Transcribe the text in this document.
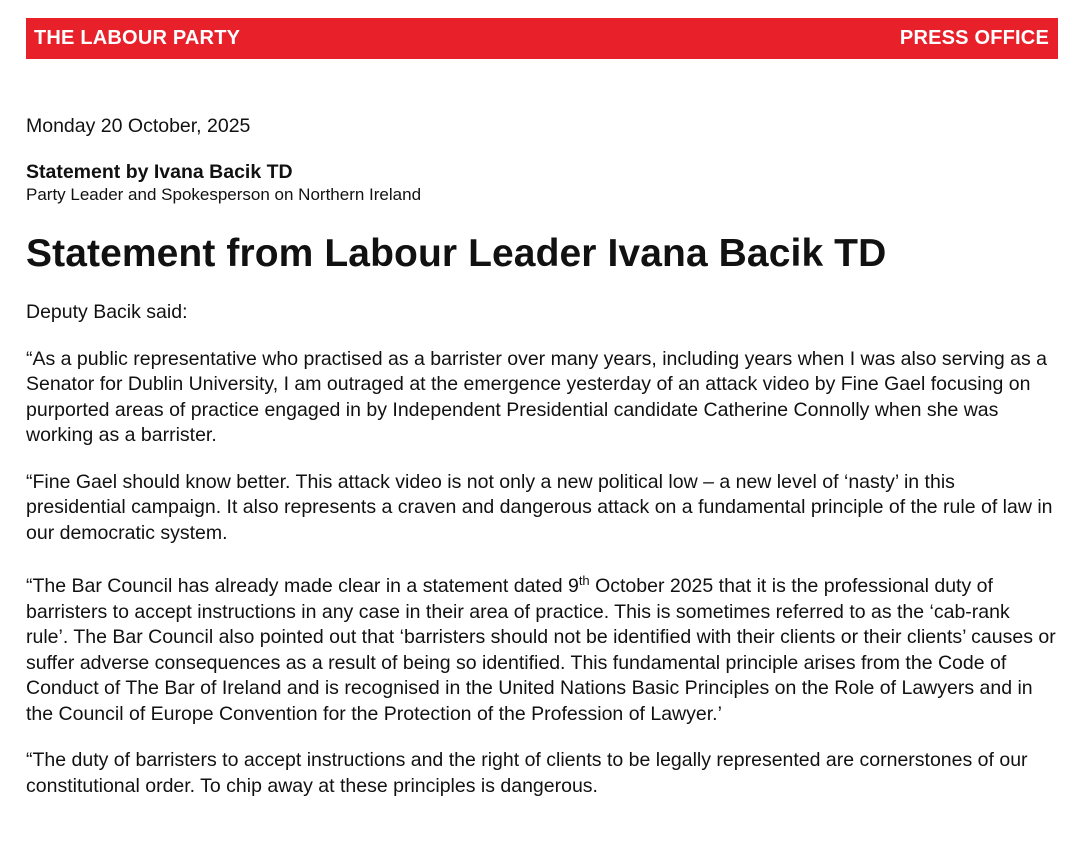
THE LABOUR PARTY	PRESS OFFICE

Monday 20 October, 2025

Statement by Ivana Bacik TD

Party Leader and Spokesperson on Northern Ireland

Statement from Labour Leader Ivana Bacik TD

Deputy Bacik said:

“As a public representative who practised as a barrister over many years, including years when I was also serving as a Senator for Dublin University, I am outraged at the emergence yesterday of an attack video by Fine Gael focusing on purported areas of practice engaged in by Independent Presidential candidate Catherine Connolly when she was working as a barrister.

“Fine Gael should know better. This attack video is not only a new political low – a new level of ‘nasty’ in this presidential campaign. It also represents a craven and dangerous attack on a fundamental principle of the rule of law in our democratic system.

“The Bar Council has already made clear in a statement dated 9th October 2025 that it is the professional duty of barristers to accept instructions in any case in their area of practice. This is sometimes referred to as the ‘cab-rank rule’. The Bar Council also pointed out that ‘barristers should not be identified with their clients or their clients’ causes or suffer adverse consequences as a result of being so identified. This fundamental principle arises from the Code of Conduct of The Bar of Ireland and is recognised in the United Nations Basic Principles on the Role of Lawyers and in the Council of Europe Convention for the Protection of the Profession of Lawyer.’

“The duty of barristers to accept instructions and the right of clients to be legally represented are cornerstones of our constitutional order. To chip away at these principles is dangerous.
